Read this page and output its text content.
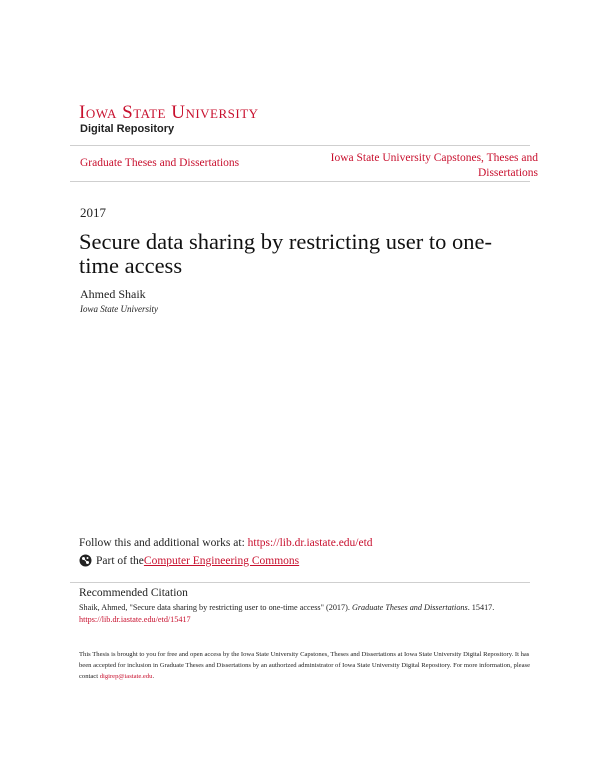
Iowa State University
Digital Repository
Graduate Theses and Dissertations	Iowa State University Capstones, Theses and Dissertations
2017
Secure data sharing by restricting user to one-time access
Ahmed Shaik
Iowa State University
Follow this and additional works at: https://lib.dr.iastate.edu/etd
Part of the Computer Engineering Commons
Recommended Citation
Shaik, Ahmed, "Secure data sharing by restricting user to one-time access" (2017). Graduate Theses and Dissertations. 15417.
https://lib.dr.iastate.edu/etd/15417
This Thesis is brought to you for free and open access by the Iowa State University Capstones, Theses and Dissertations at Iowa State University Digital Repository. It has been accepted for inclusion in Graduate Theses and Dissertations by an authorized administrator of Iowa State University Digital Repository. For more information, please contact digirep@iastate.edu.
